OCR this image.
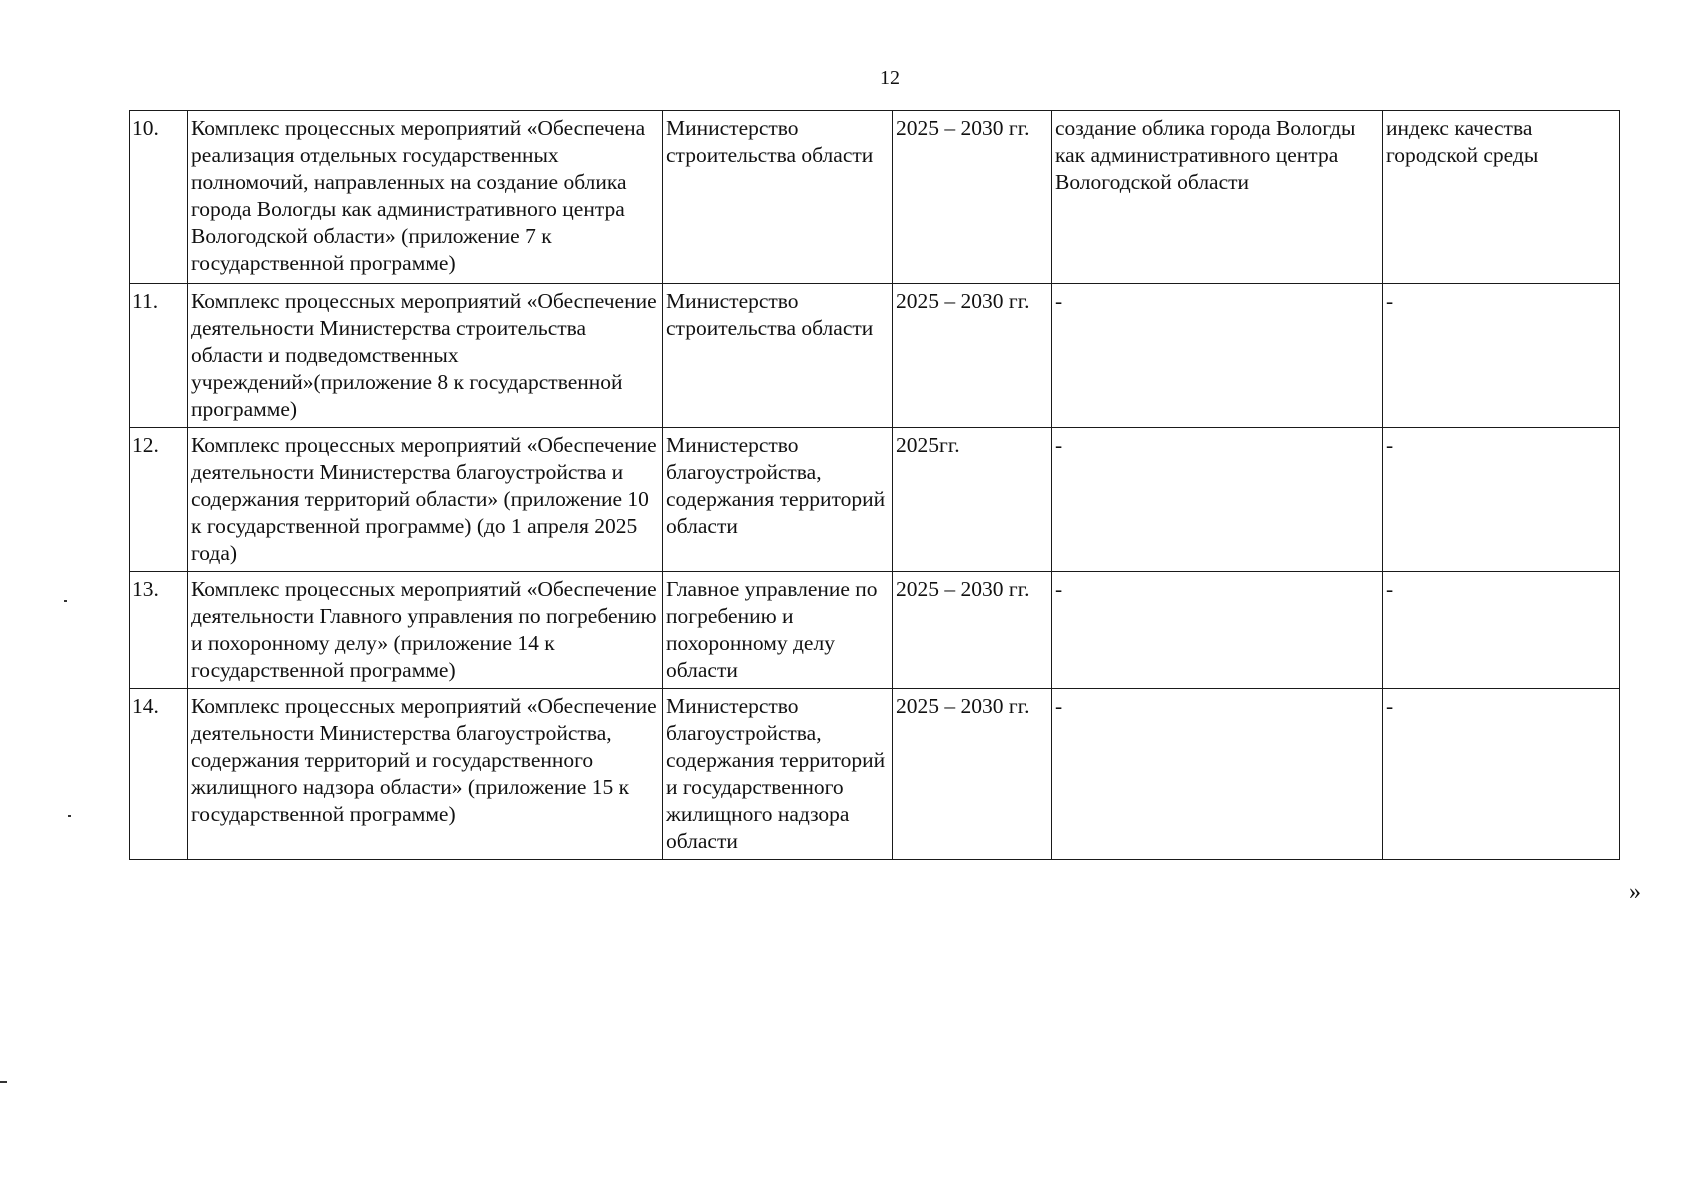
12
10.	Комплекс процессных мероприятий «Обеспечена реализация отдельных государственных полномочий, направленных на создание облика города Вологды как административного центра Вологодской области» (приложение 7 к государственной программе)	Министерство строительства области	2025 – 2030 гг.	создание облика города Вологды как административного центра Вологодской области	индекс качества городской среды
11.	Комплекс процессных мероприятий «Обеспечение деятельности Министерства строительства области и подведомственных учреждений»(приложение 8 к государственной программе)	Министерство строительства области	2025 – 2030 гг.	-	-
12.	Комплекс процессных мероприятий «Обеспечение деятельности Министерства благоустройства и содержания территорий области» (приложение 10 к государственной программе) (до 1 апреля 2025 года)	Министерство благоустройства, содержания территорий области	2025гг.	-	-
13.	Комплекс процессных мероприятий «Обеспечение деятельности Главного управления по погребению и похоронному делу» (приложение 14 к государственной программе)	Главное управление по погребению и похоронному делу области	2025 – 2030 гг.	-	-
14.	Комплекс процессных мероприятий «Обеспечение деятельности Министерства благоустройства, содержания территорий и государственного жилищного надзора области» (приложение 15 к государственной программе)	Министерство благоустройства, содержания территорий и государственного жилищного надзора области	2025 – 2030 гг.	-	-
»
